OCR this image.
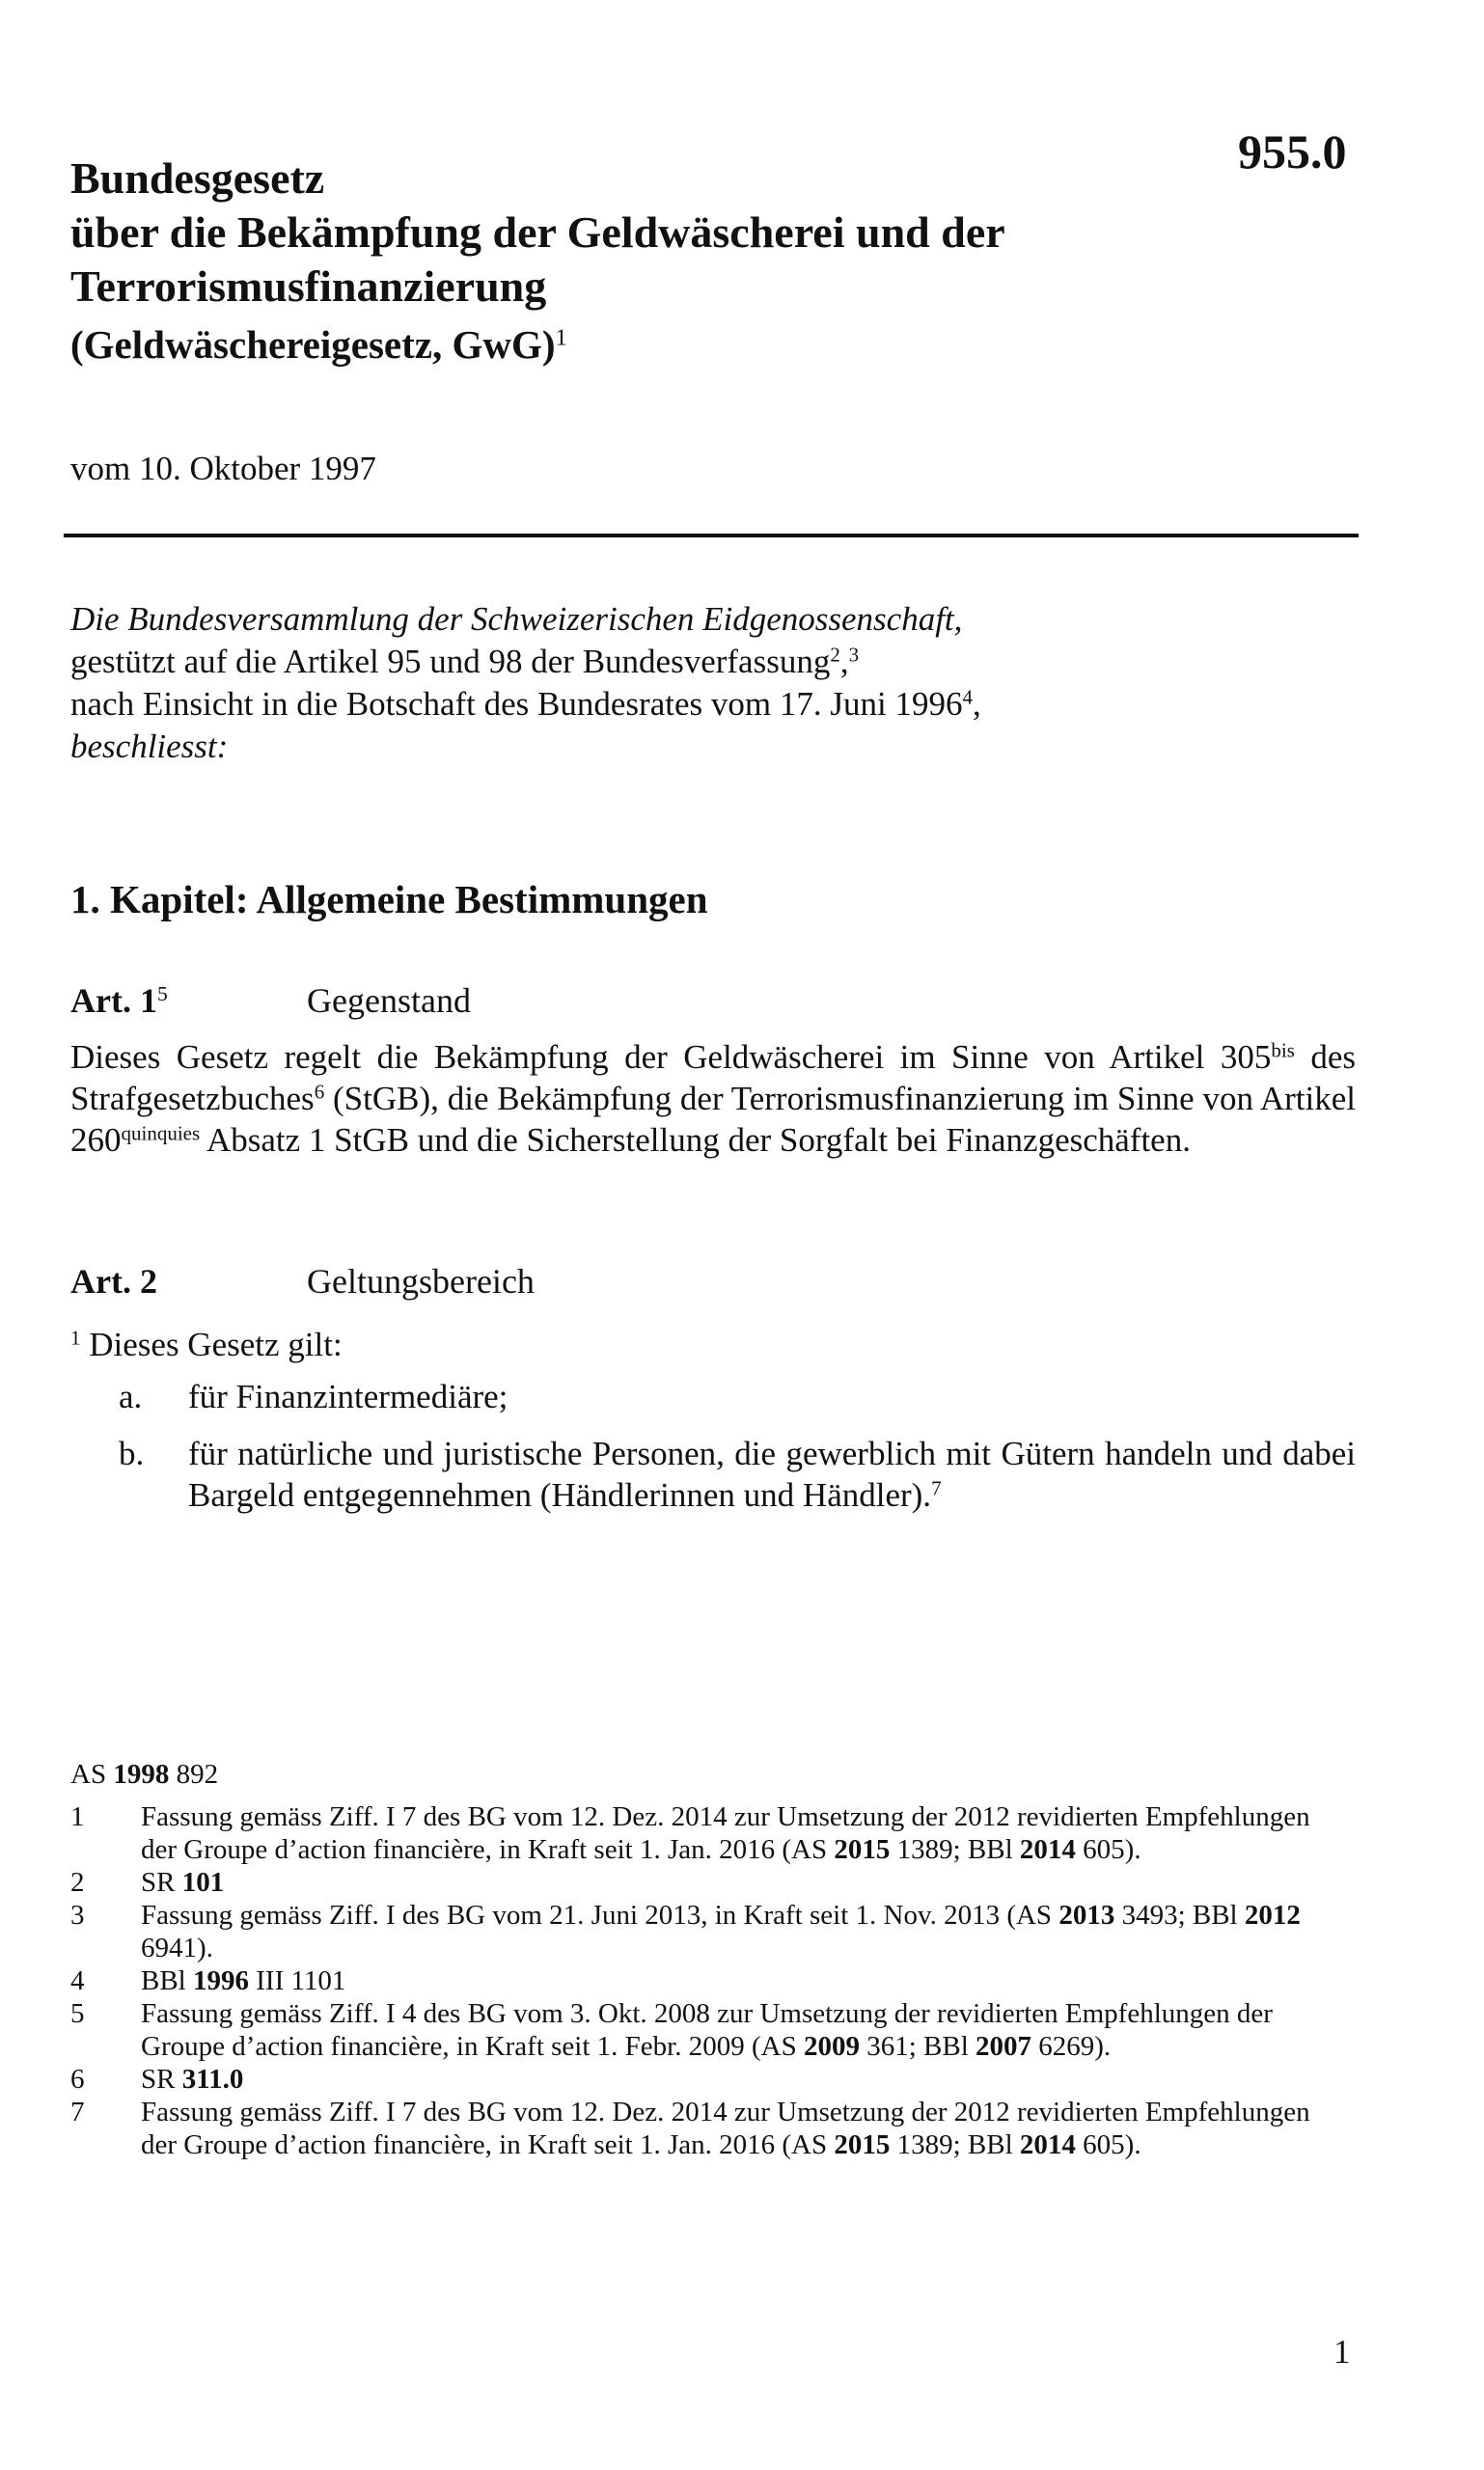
955.0
Bundesgesetz
über die Bekämpfung der Geldwäscherei und der
Terrorismusfinanzierung
(Geldwäschereigesetz, GwG)$^1$
vom 10. Oktober 1997
Die Bundesversammlung der Schweizerischen Eidgenossenschaft,
gestützt auf die Artikel 95 und 98 der Bundesverfassung$^2$,$^3$
nach Einsicht in die Botschaft des Bundesrates vom 17. Juni 1996$^4$,
beschliesst:
1. Kapitel: Allgemeine Bestimmungen
Art. 1$^5$	Gegenstand
Dieses Gesetz regelt die Bekämpfung der Geldwäscherei im Sinne von Artikel 305$^{bis}$ des Strafgesetzbuches$^6$ (StGB), die Bekämpfung der Terrorismusfinanzierung im Sinne von Artikel 260$^{quinquies}$ Absatz 1 StGB und die Sicherstellung der Sorgfalt bei Finanzgeschäften.
Art. 2	Geltungsbereich
$^1$ Dieses Gesetz gilt:
a.	für Finanzintermediäre;
b.	für natürliche und juristische Personen, die gewerblich mit Gütern handeln und dabei Bargeld entgegennehmen (Händlerinnen und Händler).$^7$
AS 1998 892
1	Fassung gemäss Ziff. I 7 des BG vom 12. Dez. 2014 zur Umsetzung der 2012 revidierten Empfehlungen der Groupe d’action financière, in Kraft seit 1. Jan. 2016 (AS 2015 1389; BBl 2014 605).
2	SR 101
3	Fassung gemäss Ziff. I des BG vom 21. Juni 2013, in Kraft seit 1. Nov. 2013 (AS 2013 3493; BBl 2012 6941).
4	BBl 1996 III 1101
5	Fassung gemäss Ziff. I 4 des BG vom 3. Okt. 2008 zur Umsetzung der revidierten Empfehlungen der Groupe d’action financière, in Kraft seit 1. Febr. 2009 (AS 2009 361; BBl 2007 6269).
6	SR 311.0
7	Fassung gemäss Ziff. I 7 des BG vom 12. Dez. 2014 zur Umsetzung der 2012 revidierten Empfehlungen der Groupe d’action financière, in Kraft seit 1. Jan. 2016 (AS 2015 1389; BBl 2014 605).
1
